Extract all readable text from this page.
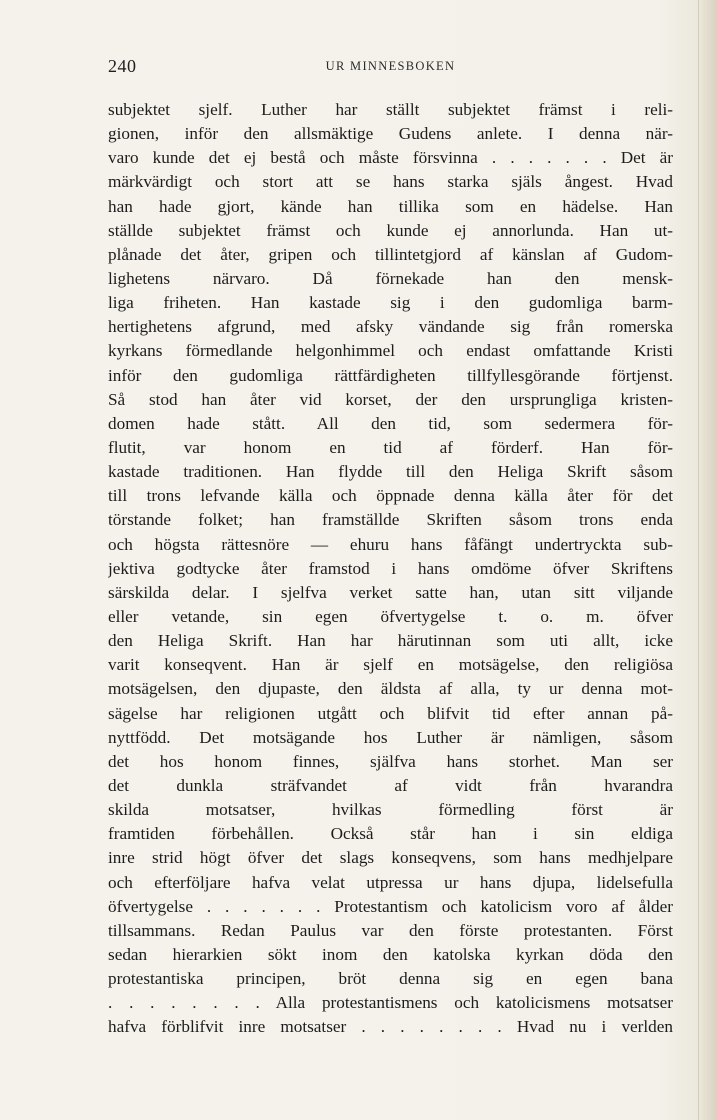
240	UR MINNESBOKEN
subjektet sjelf. Luther har ställt subjektet främst i reli-
gionen, inför den allsmäktige Gudens anlete. I denna när-
varo kunde det ej bestå och måste försvinna . . . . . . . Det är
märkvärdigt och stort att se hans starka själs ångest. Hvad
han hade gjort, kände han tillika som en hädelse. Han
ställde subjektet främst och kunde ej annorlunda. Han ut-
plånade det åter, gripen och tillintetgjord af känslan af Gudom-
lighetens närvaro. Då förnekade han den mensk-
liga friheten. Han kastade sig i den gudomliga barm-
hertighetens afgrund, med afsky vändande sig från romerska
kyrkans förmedlande helgonhimmel och endast omfattande Kristi
inför den gudomliga rättfärdigheten tillfyllesgörande förtjenst.
Så stod han åter vid korset, der den ursprungliga kristen-
domen hade stått. All den tid, som sedermera för-
flutit, var honom en tid af förderf. Han för-
kastade traditionen. Han flydde till den Heliga Skrift såsom
till trons lefvande källa och öppnade denna källa åter för det
törstande folket; han framställde Skriften såsom trons enda
och högsta rättesnöre — ehuru hans fåfängt undertryckta sub-
jektiva godtycke åter framstod i hans omdöme öfver Skriftens
särskilda delar. I sjelfva verket satte han, utan sitt viljande
eller vetande, sin egen öfvertygelse t. o. m. öfver
den Heliga Skrift. Han har härutinnan som uti allt, icke
varit konseqvent. Han är sjelf en motsägelse, den religiösa
motsägelsen, den djupaste, den äldsta af alla, ty ur denna mot-
sägelse har religionen utgått och blifvit tid efter annan på-
nyttfödd. Det motsägande hos Luther är nämligen, såsom
det hos honom finnes, själfva hans storhet. Man ser
det dunkla sträfvandet af vidt från hvarandra
skilda motsatser, hvilkas förmedling först är
framtiden förbehållen. Också står han i sin eldiga
inre strid högt öfver det slags konseqvens, som hans medhjelpare
och efterföljare hafva velat utpressa ur hans djupa, lidelsefulla
öfvertygelse . . . . . . . Protestantism och katolicism voro af ålder
tillsammans. Redan Paulus var den förste protestanten. Först
sedan hierarkien sökt inom den katolska kyrkan döda den
protestantiska principen, bröt denna sig en egen bana
. . . . . . . . Alla protestantismens och katolicismens motsatser
hafva förblifvit inre motsatser . . . . . . . . Hvad nu i verlden
